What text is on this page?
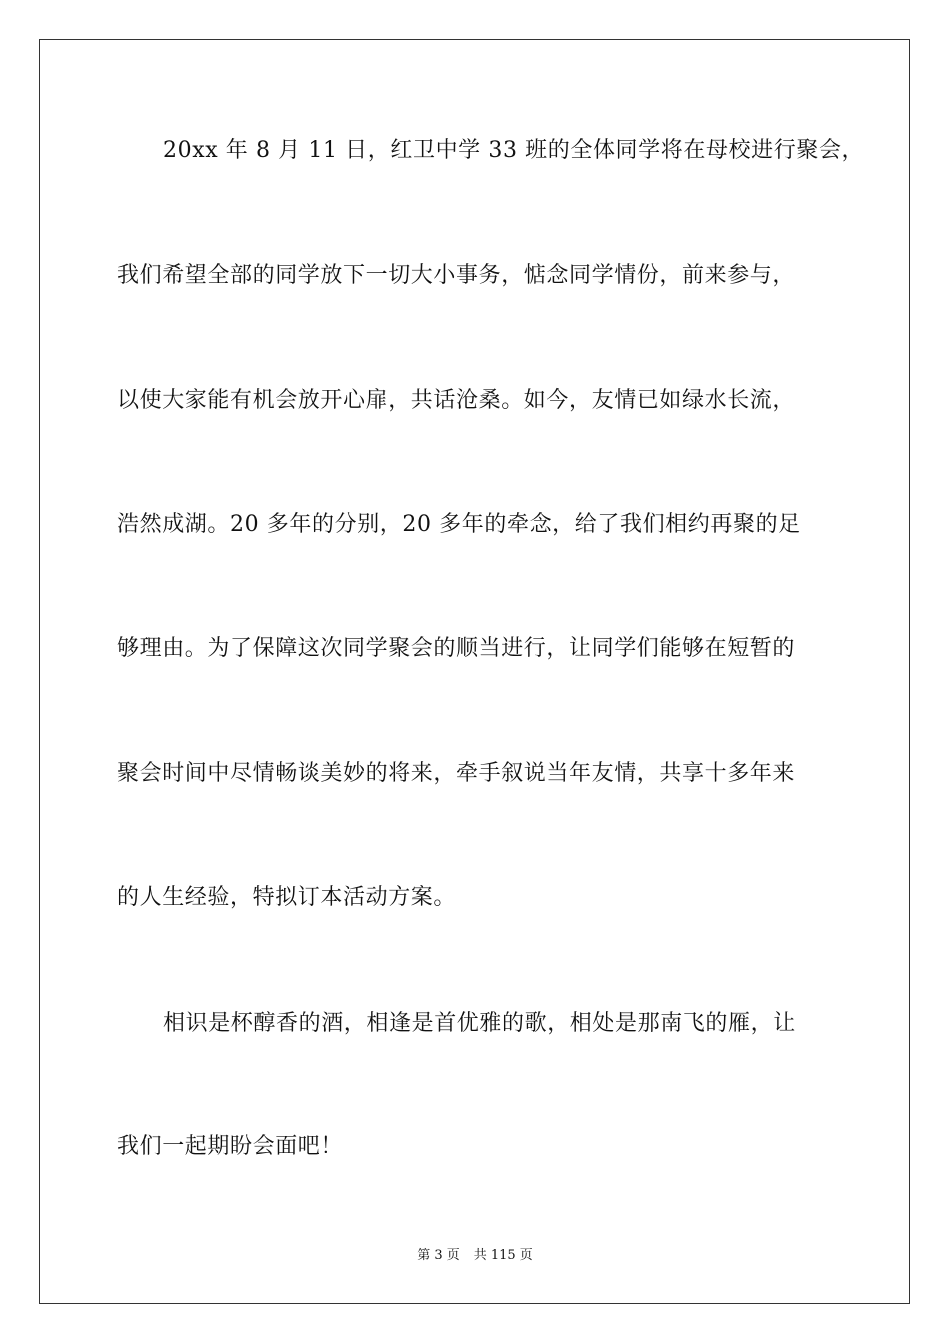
20xx 年 8 月 11 日，红卫中学 33 班的全体同学将在母校进行聚会，
我们希望全部的同学放下一切大小事务，惦念同学情份，前来参与，
以使大家能有机会放开心扉，共话沧桑。如今，友情已如绿水长流，
浩然成湖。20 多年的分别，20 多年的牵念，给了我们相约再聚的足
够理由。为了保障这次同学聚会的顺当进行，让同学们能够在短暂的
聚会时间中尽情畅谈美妙的将来，牵手叙说当年友情，共享十多年来
的人生经验，特拟订本活动方案。
相识是杯醇香的酒，相逢是首优雅的歌，相处是那南飞的雁，让
我们一起期盼会面吧！
第 3 页 共 115 页
